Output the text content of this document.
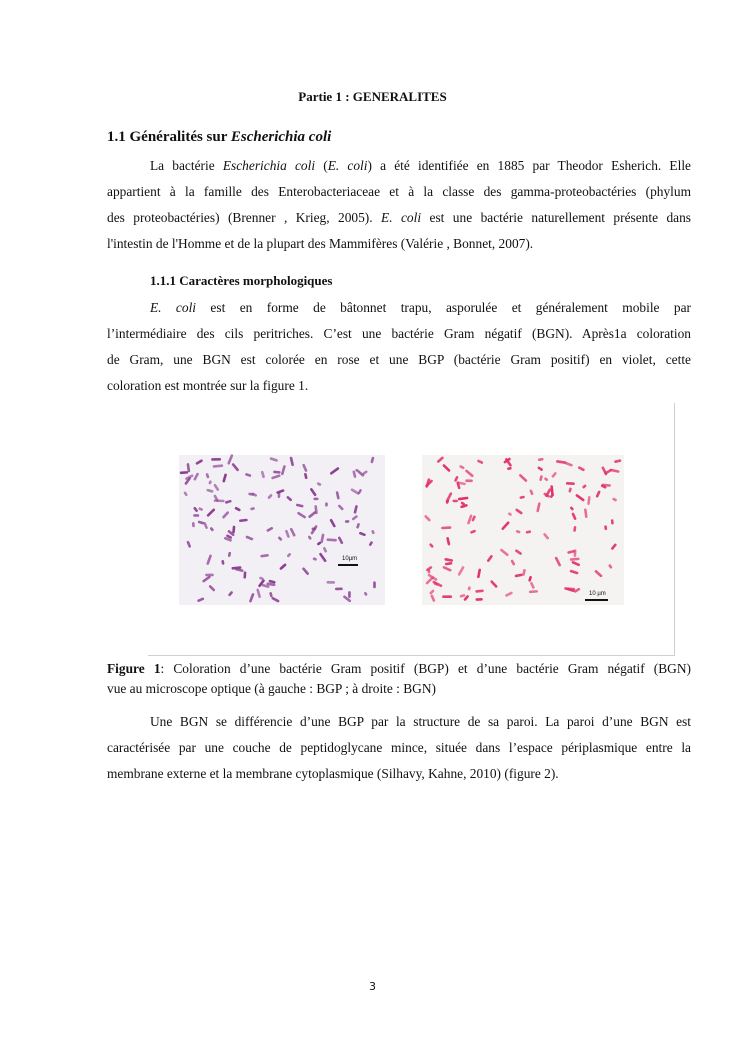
Partie 1 : GENERALITES
1.1 Généralités sur Escherichia coli
La bactérie Escherichia coli (E. coli) a été identifiée en 1885 par Theodor Esherich. Elle
appartient à la famille des Enterobacteriaceae et à la classe des gamma-proteobactéries (phylum
des proteobactéries) (Brenner , Krieg, 2005). E. coli est une bactérie naturellement présente dans
l'intestin de l'Homme et de la plupart des Mammifères (Valérie , Bonnet, 2007).
1.1.1 Caractères morphologiques
E. coli est en forme de bâtonnet trapu, asporulée et généralement mobile par
l’intermédiaire des cils peritriches. C’est une bactérie Gram négatif (BGN). Après1a coloration
de Gram, une BGN est colorée en rose et une BGP (bactérie Gram positif) en violet, cette
coloration est montrée sur la figure 1.
10µm
10 µm
Figure 1: Coloration d’une bactérie Gram positif (BGP) et d’une bactérie Gram négatif (BGN)
vue au microscope optique (à gauche : BGP ; à droite : BGN)
Une BGN se différencie d’une BGP par la structure de sa paroi. La paroi d’une BGN est
caractérisée par une couche de peptidoglycane mince, située dans l’espace périplasmique entre la
membrane externe et la membrane cytoplasmique (Silhavy, Kahne, 2010) (figure 2).
3
